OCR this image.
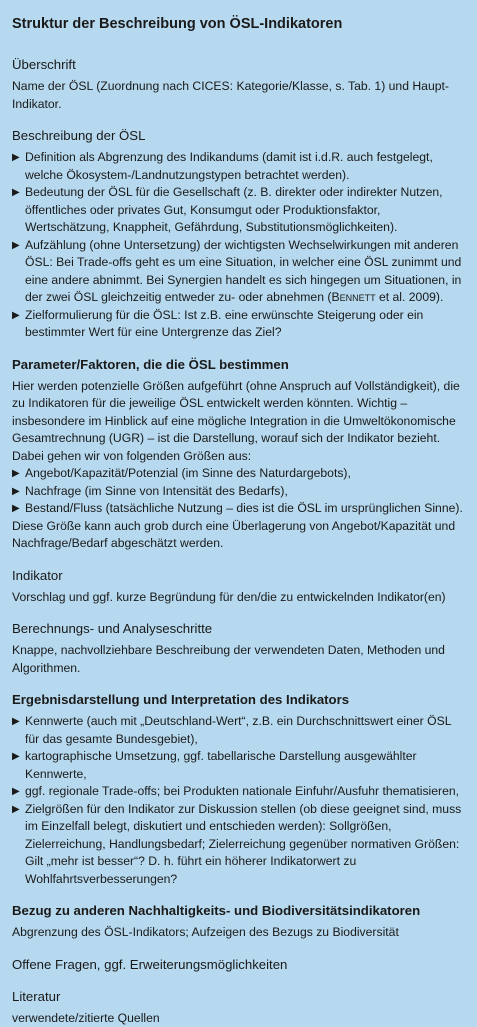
Struktur der Beschreibung von ÖSL-Indikatoren
Überschrift

Name der ÖSL (Zuordnung nach CICES: Kategorie/Klasse, s. Tab. 1) und Haupt-Indikator.

Beschreibung der ÖSL

▶ Definition als Abgrenzung des Indikandums (damit ist i.d.R. auch festgelegt, welche Ökosystem-/Landnutzungstypen betrachtet werden).

▶ Bedeutung der ÖSL für die Gesellschaft (z. B. direkter oder indirekter Nutzen, öffentliches oder privates Gut, Konsumgut oder Produktionsfaktor, Wertschätzung, Knappheit, Gefährdung, Substitutionsmöglichkeiten).

▶ Aufzählung (ohne Untersetzung) der wichtigsten Wechselwirkungen mit anderen ÖSL: Bei Trade-offs geht es um eine Situation, in welcher eine ÖSL zunimmt und eine andere abnimmt. Bei Synergien handelt es sich hingegen um Situationen, in der zwei ÖSL gleichzeitig entweder zu- oder abnehmen (Bennett et al. 2009).

▶ Zielformulierung für die ÖSL: Ist z.B. eine erwünschte Steigerung oder ein bestimmter Wert für eine Untergrenze das Ziel?

Parameter/Faktoren, die die ÖSL bestimmen

Hier werden potenzielle Größen aufgeführt (ohne Anspruch auf Vollständigkeit), die zu Indikatoren für die jeweilige ÖSL entwickelt werden könnten. Wichtig – insbesondere im Hinblick auf eine mögliche Integration in die Umweltökonomische Gesamtrechnung (UGR) – ist die Darstellung, worauf sich der Indikator bezieht. Dabei gehen wir von folgenden Größen aus:

▶ Angebot/Kapazität/Potenzial (im Sinne des Naturdargebots),

▶ Nachfrage (im Sinne von Intensität des Bedarfs),

▶ Bestand/Fluss (tatsächliche Nutzung – dies ist die ÖSL im ursprünglichen Sinne).

Diese Größe kann auch grob durch eine Überlagerung von Angebot/Kapazität und Nachfrage/Bedarf abgeschätzt werden.

Indikator

Vorschlag und ggf. kurze Begründung für den/die zu entwickelnden Indikator(en)

Berechnungs- und Analyseschritte

Knappe, nachvollziehbare Beschreibung der verwendeten Daten, Methoden und Algorithmen.

Ergebnisdarstellung und Interpretation des Indikators

▶ Kennwerte (auch mit „Deutschland-Wert“, z.B. ein Durchschnittswert einer ÖSL für das gesamte Bundesgebiet),

▶ kartographische Umsetzung, ggf. tabellarische Darstellung ausgewählter Kennwerte,

▶ ggf. regionale Trade-offs; bei Produkten nationale Einfuhr/Ausfuhr thematisieren,

▶ Zielgrößen für den Indikator zur Diskussion stellen (ob diese geeignet sind, muss im Einzelfall belegt, diskutiert und entschieden werden): Sollgrößen, Zielerreichung, Handlungsbedarf; Zielerreichung gegenüber normativen Größen: Gilt „mehr ist besser“? D. h. führt ein höherer Indikatorwert zu Wohlfahrtsverbesserungen?

Bezug zu anderen Nachhaltigkeits- und Biodiversitätsindikatoren

Abgrenzung des ÖSL-Indikators; Aufzeigen des Bezugs zu Biodiversität

Offene Fragen, ggf. Erweiterungsmöglichkeiten
Literatur

verwendete/zitierte Quellen
